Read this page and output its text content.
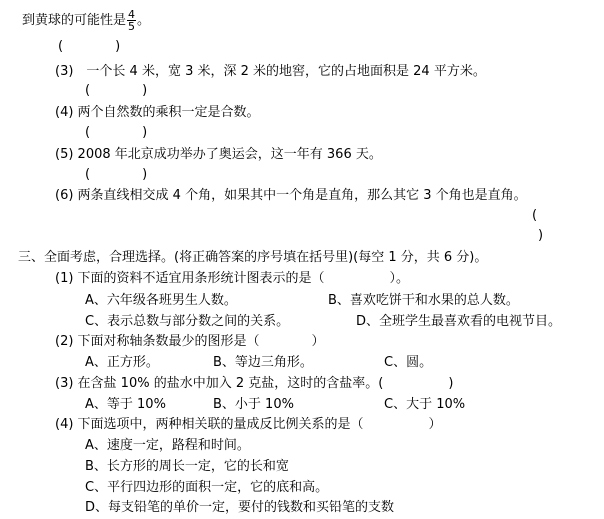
到黄球的可能性是 $\frac{4}{5}$ 。
(　　　　)
(3)　一个长 4 米，宽 3 米，深 2 米的地窖，它的占地面积是 24 平方米。
(　　　　)
(4) 两个自然数的乘积一定是合数。
(　　　　)
(5) 2008 年北京成功举办了奥运会，这一年有 366 天。
(　　　　)
(6) 两条直线相交成 4 个角，如果其中一个角是直角，那么其它 3 个角也是直角。
(
)
三、全面考虑，合理选择。(将正确答案的序号填在括号里)(每空 1 分，共 6 分)。
(1) 下面的资料不适宜用条形统计图表示的是（　　　　　）。
A、六年级各班男生人数。	B、喜欢吃饼干和水果的总人数。
C、表示总数与部分数之间的关系。	D、全班学生最喜欢看的电视节目。
(2) 下面对称轴条数最少的图形是（　　　　）
A、正方形。	B、等边三角形。	C、圆。
(3) 在含盐 10% 的盐水中加入 2 克盐，这时的含盐率。(　　　　　)
A、等于 10%	B、小于 10%	C、大于 10%
(4) 下面选项中，两种相关联的量成反比例关系的是（　　　　　）
A、速度一定，路程和时间。
B、长方形的周长一定，它的长和宽
C、平行四边形的面积一定，它的底和高。
D、每支铅笔的单价一定，要付的钱数和买铅笔的支数
